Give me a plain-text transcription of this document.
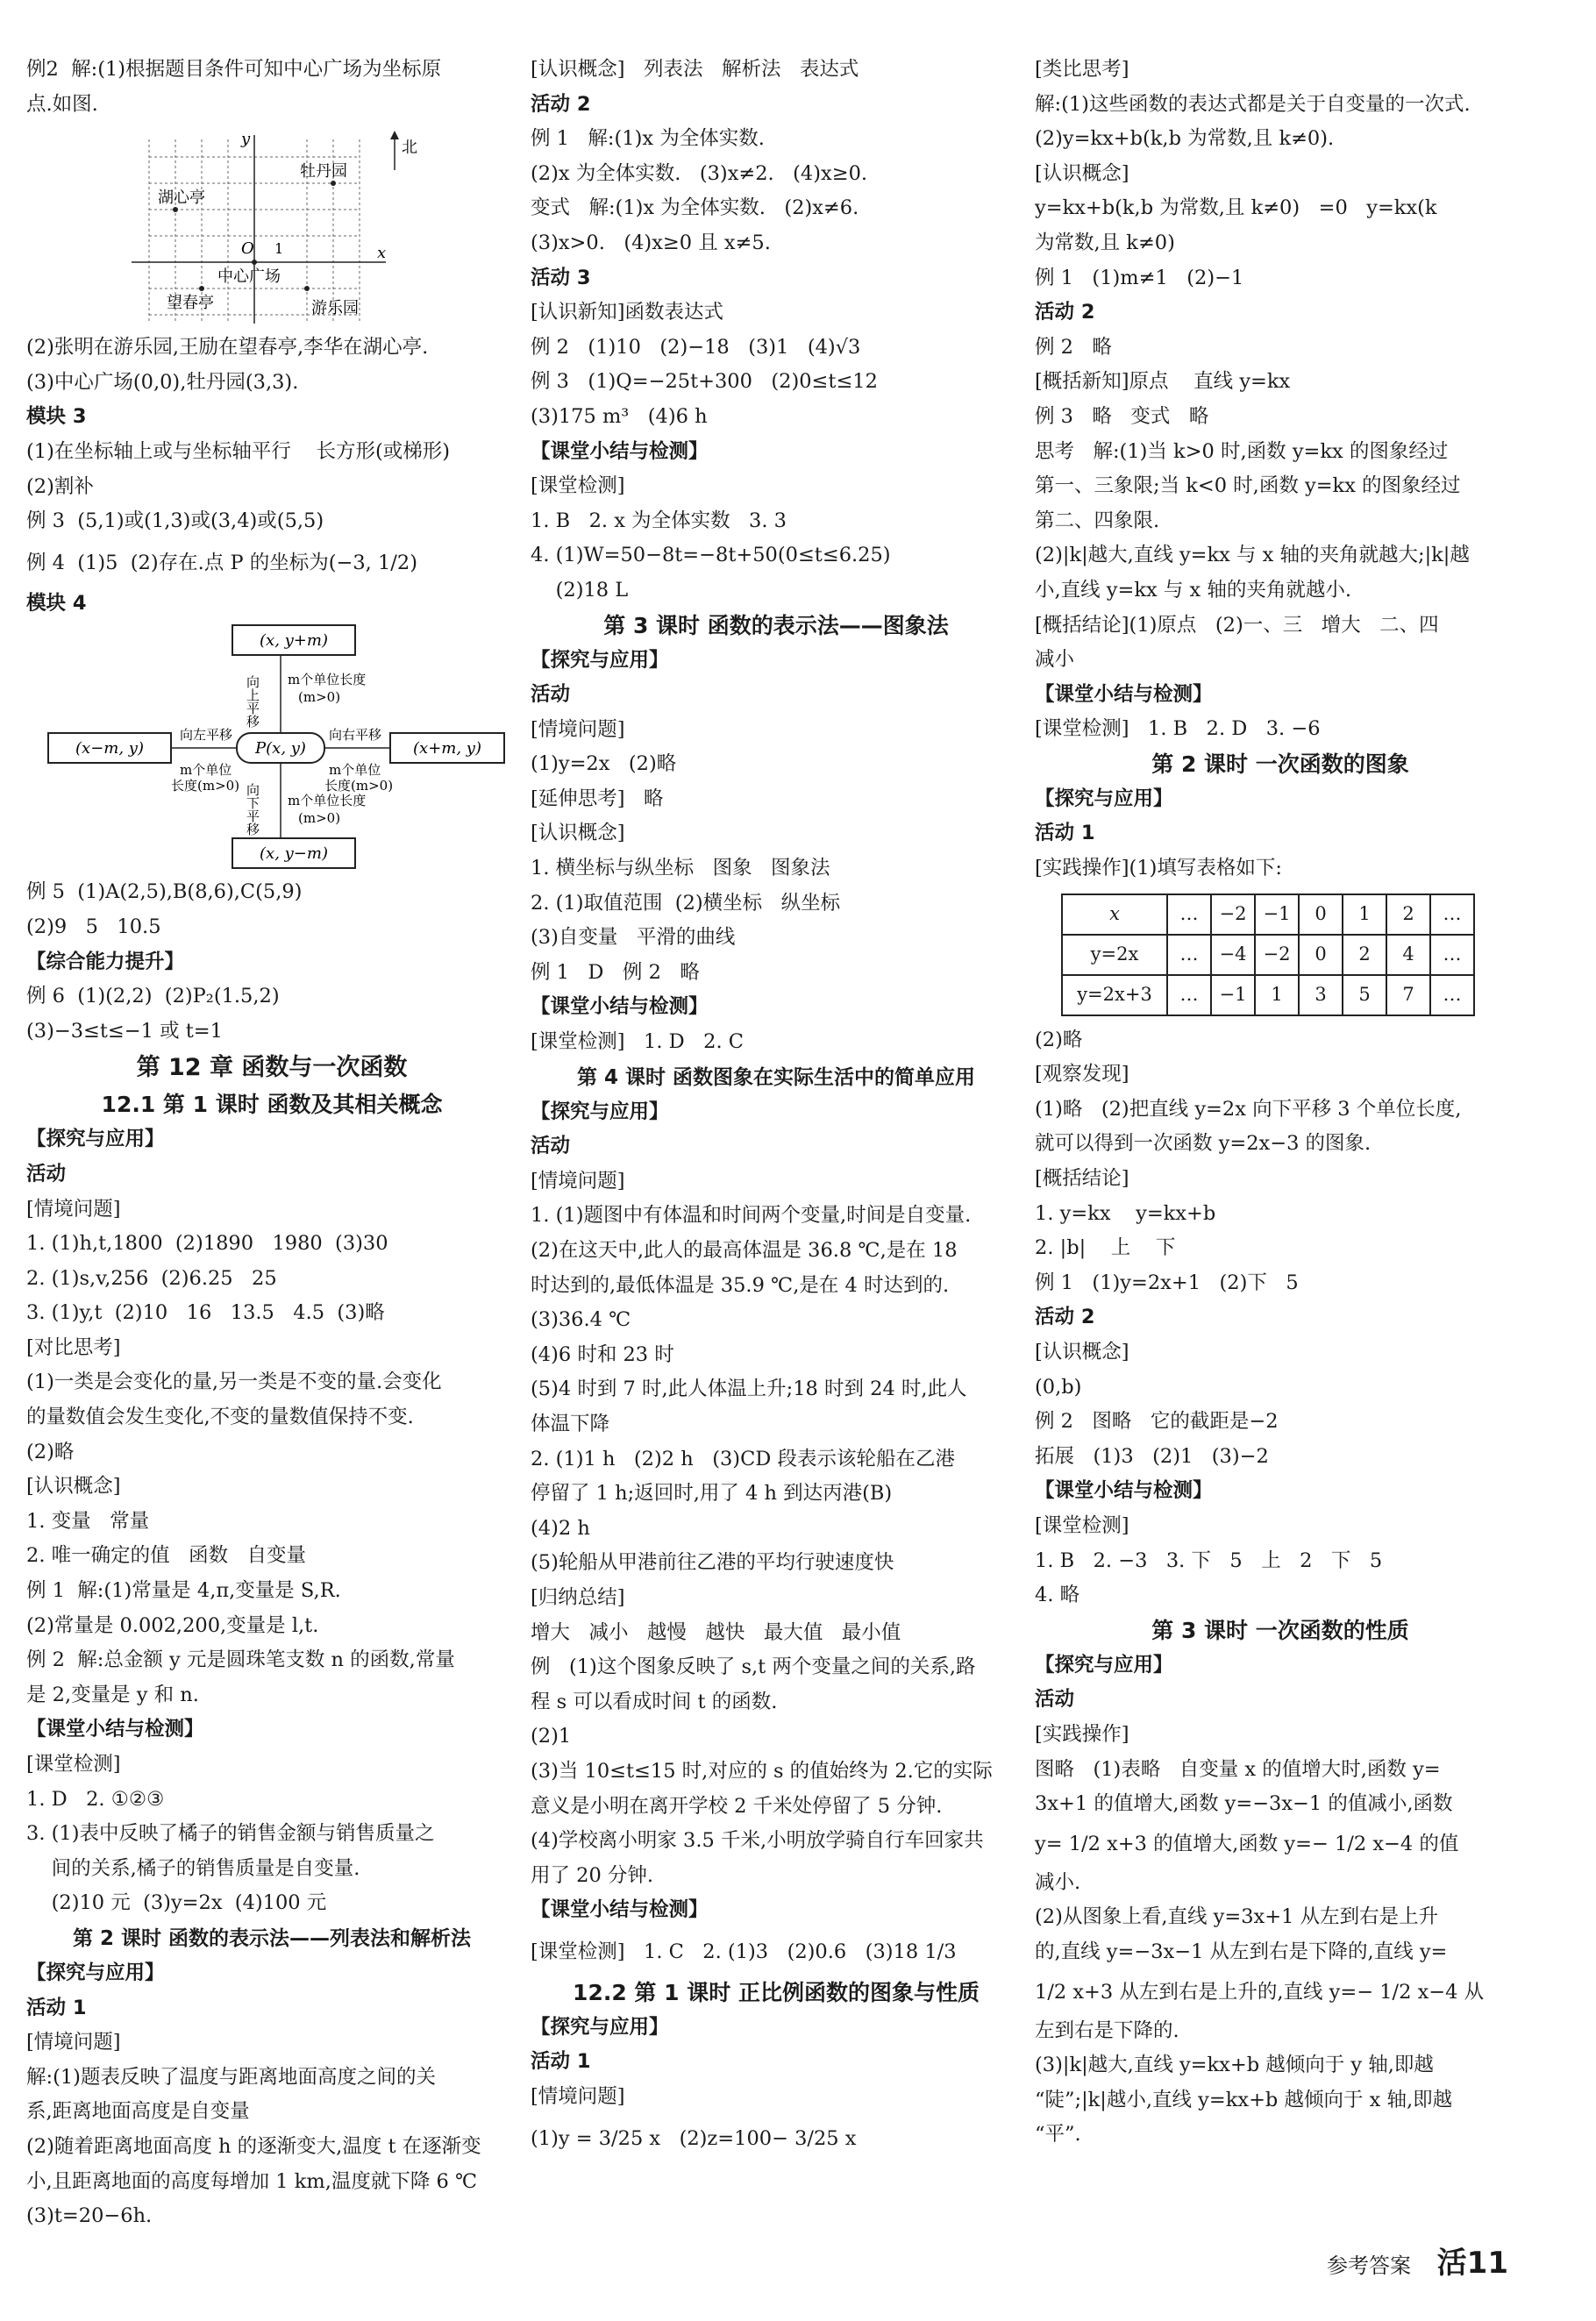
例2  解:(1)根据题目条件可知中心广场为坐标原
点.如图.
北
y
x
O 1
牡丹园
湖心亭
中心广场
望春亭	游乐园
(2)张明在游乐园,王励在望春亭,李华在湖心亭.
(3)中心广场(0,0),牡丹园(3,3).
模块 3
(1)在坐标轴上或与坐标轴平行    长方形(或梯形)
(2)割补
例 3  (5,1)或(1,3)或(3,4)或(5,5)
例 4  (1)5  (2)存在.点 P 的坐标为(−3, 1/2)
模块 4
(x, y+m)
(x−m, y)	P(x, y)	(x+m, y)
(x, y−m)
向上平移 m个单位长度
(m>0)
向左平移
m个单位
长度(m>0)
向右平移
m个单位
长度(m>0)
向下平移 m个单位长度
(m>0)
例 5  (1)A(2,5),B(8,6),C(5,9)
(2)9   5   10.5
【综合能力提升】
例 6  (1)(2,2)  (2)P₂(1.5,2)
(3)−3≤t≤−1 或 t=1
第 12 章 函数与一次函数
12.1 第 1 课时 函数及其相关概念
【探究与应用】
活动
[情境问题]
1. (1)h,t,1800  (2)1890   1980  (3)30
2. (1)s,v,256  (2)6.25   25
3. (1)y,t  (2)10   16   13.5   4.5  (3)略
[对比思考]
(1)一类是会变化的量,另一类是不变的量.会变化
的量数值会发生变化,不变的量数值保持不变.
(2)略
[认识概念]
1. 变量   常量
2. 唯一确定的值   函数   自变量
例 1  解:(1)常量是 4,π,变量是 S,R.
(2)常量是 0.002,200,变量是 l,t.
例 2  解:总金额 y 元是圆珠笔支数 n 的函数,常量
是 2,变量是 y 和 n.
【课堂小结与检测】
[课堂检测]
1. D   2. ①②③
3. (1)表中反映了橘子的销售金额与销售质量之
间的关系,橘子的销售质量是自变量.
(2)10 元  (3)y=2x  (4)100 元
第 2 课时 函数的表示法——列表法和解析法
【探究与应用】
活动 1
[情境问题]
解:(1)题表反映了温度与距离地面高度之间的关
系,距离地面高度是自变量
(2)随着距离地面高度 h 的逐渐变大,温度 t 在逐渐变
小,且距离地面的高度每增加 1 km,温度就下降 6 ℃
(3)t=20−6h.
[认识概念]   列表法   解析法   表达式
活动 2
例 1   解:(1)x 为全体实数.
(2)x 为全体实数.   (3)x≠2.   (4)x≥0.
变式   解:(1)x 为全体实数.   (2)x≠6.
(3)x>0.   (4)x≥0 且 x≠5.
活动 3
[认识新知]函数表达式
例 2   (1)10   (2)−18   (3)1   (4)√3
例 3   (1)Q=−25t+300   (2)0≤t≤12
(3)175 m³   (4)6 h
【课堂小结与检测】
[课堂检测]
1. B   2. x 为全体实数   3. 3
4. (1)W=50−8t=−8t+50(0≤t≤6.25)
(2)18 L
第 3 课时 函数的表示法——图象法
【探究与应用】
活动
[情境问题]
(1)y=2x   (2)略
[延伸思考]   略
[认识概念]
1. 横坐标与纵坐标   图象   图象法
2. (1)取值范围  (2)横坐标   纵坐标
(3)自变量   平滑的曲线
例 1   D   例 2   略
【课堂小结与检测】
[课堂检测]   1. D   2. C
第 4 课时 函数图象在实际生活中的简单应用
【探究与应用】
活动
[情境问题]
1. (1)题图中有体温和时间两个变量,时间是自变量.
(2)在这天中,此人的最高体温是 36.8 ℃,是在 18
时达到的,最低体温是 35.9 ℃,是在 4 时达到的.
(3)36.4 ℃
(4)6 时和 23 时
(5)4 时到 7 时,此人体温上升;18 时到 24 时,此人
体温下降
2. (1)1 h   (2)2 h   (3)CD 段表示该轮船在乙港
停留了 1 h;返回时,用了 4 h 到达丙港(B)
(4)2 h
(5)轮船从甲港前往乙港的平均行驶速度快
[归纳总结]
增大   减小   越慢   越快   最大值   最小值
例   (1)这个图象反映了 s,t 两个变量之间的关系,路
程 s 可以看成时间 t 的函数.
(2)1
(3)当 10≤t≤15 时,对应的 s 的值始终为 2.它的实际
意义是小明在离开学校 2 千米处停留了 5 分钟.
(4)学校离小明家 3.5 千米,小明放学骑自行车回家共
用了 20 分钟.
【课堂小结与检测】
[课堂检测]   1. C   2. (1)3   (2)0.6   (3)18 1/3
12.2 第 1 课时 正比例函数的图象与性质
【探究与应用】
活动 1
[情境问题]
(1)y = 3/25 x   (2)z=100− 3/25 x
[类比思考]
解:(1)这些函数的表达式都是关于自变量的一次式.
(2)y=kx+b(k,b 为常数,且 k≠0).
[认识概念]
y=kx+b(k,b 为常数,且 k≠0)   =0   y=kx(k
为常数,且 k≠0)
例 1   (1)m≠1   (2)−1
活动 2
例 2   略
[概括新知]原点    直线 y=kx
例 3   略   变式   略
思考   解:(1)当 k>0 时,函数 y=kx 的图象经过
第一、三象限;当 k<0 时,函数 y=kx 的图象经过
第二、四象限.
(2)|k|越大,直线 y=kx 与 x 轴的夹角就越大;|k|越
小,直线 y=kx 与 x 轴的夹角就越小.
[概括结论](1)原点   (2)一、三   增大   二、四
减小
【课堂小结与检测】
[课堂检测]   1. B   2. D   3. −6
第 2 课时 一次函数的图象
【探究与应用】
活动 1
[实践操作](1)填写表格如下:
x	…	−2	−1	0	1	2	…
y=2x	…	−4	−2	0	2	4	…
y=2x+3	…	−1	1	3	5	7	…
(2)略
[观察发现]
(1)略   (2)把直线 y=2x 向下平移 3 个单位长度,
就可以得到一次函数 y=2x−3 的图象.
[概括结论]
1. y=kx    y=kx+b
2. |b|    上    下
例 1   (1)y=2x+1   (2)下   5
活动 2
[认识概念]
(0,b)
例 2   图略   它的截距是−2
拓展   (1)3   (2)1   (3)−2
【课堂小结与检测】
[课堂检测]
1. B   2. −3   3. 下   5   上   2   下   5
4. 略
第 3 课时 一次函数的性质
【探究与应用】
活动
[实践操作]
图略   (1)表略   自变量 x 的值增大时,函数 y=
3x+1 的值增大,函数 y=−3x−1 的值减小,函数
y= 1/2 x+3 的值增大,函数 y=− 1/2 x−4 的值
减小.
(2)从图象上看,直线 y=3x+1 从左到右是上升
的,直线 y=−3x−1 从左到右是下降的,直线 y=
1/2 x+3 从左到右是上升的,直线 y=− 1/2 x−4 从
左到右是下降的.
(3)|k|越大,直线 y=kx+b 越倾向于 y 轴,即越
“陡”;|k|越小,直线 y=kx+b 越倾向于 x 轴,即越
“平”.
参考答案 活11
